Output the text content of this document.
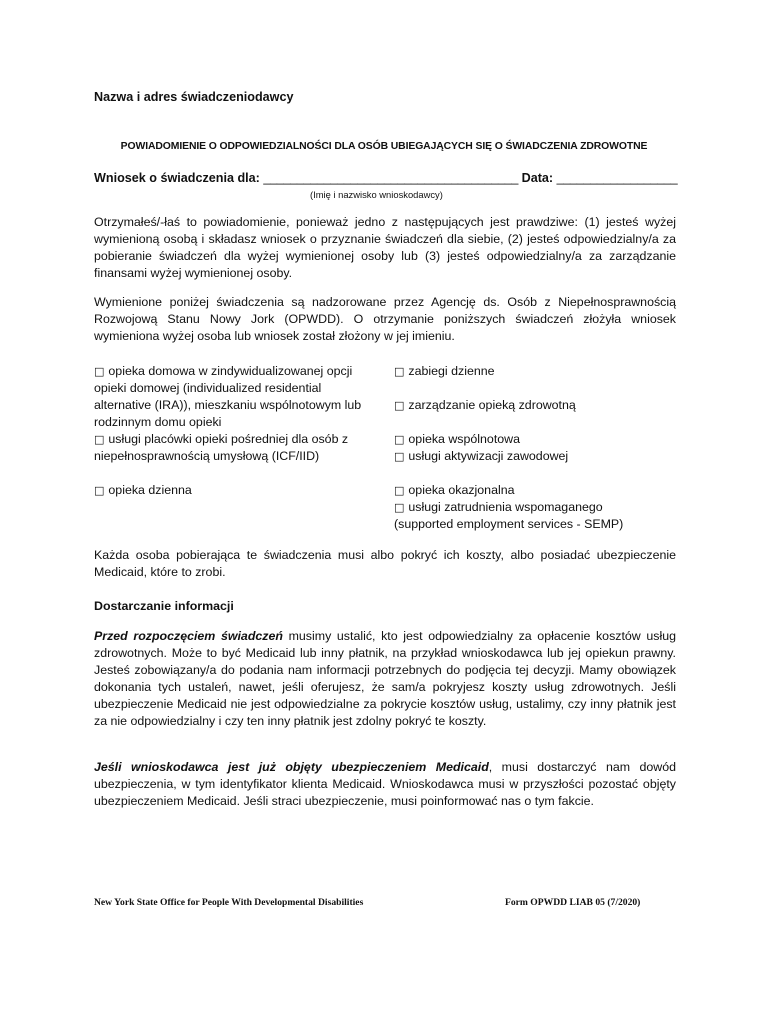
Nazwa i adres świadczeniodawcy
POWIADOMIENIE O ODPOWIEDZIALNOŚCI DLA OSÓB UBIEGAJĄCYCH SIĘ O ŚWIADCZENIA ZDROWOTNE
Wniosek o świadczenia dla: ______________________________________ Data: __________________
(Imię i nazwisko wnioskodawcy)
Otrzymałeś/-łaś to powiadomienie, ponieważ jedno z następujących jest prawdziwe: (1) jesteś wyżej wymienioną osobą i składasz wniosek o przyznanie świadczeń dla siebie, (2) jesteś odpowiedzialny/a za pobieranie świadczeń dla wyżej wymienionej osoby lub (3) jesteś odpowiedzialny/a za zarządzanie finansami wyżej wymienionej osoby.
Wymienione poniżej świadczenia są nadzorowane przez Agencję ds. Osób z Niepełnosprawnością Rozwojową Stanu Nowy Jork (OPWDD). O otrzymanie poniższych świadczeń złożyła wniosek wymieniona wyżej osoba lub wniosek został złożony w jej imieniu.
□ opieka domowa w zindywidualizowanej opcji opieki domowej (individualized residential alternative (IRA)), mieszkaniu wspólnotowym lub rodzinnym domu opieki
□ usługi placówki opieki pośredniej dla osób z niepełnosprawnością umysłową (ICF/IID)
□ opieka dzienna
□ zabiegi dzienne
□ zarządzanie opieką zdrowotną
□ opieka wspólnotowa
□ usługi aktywizacji zawodowej
□ opieka okazjonalna
□ usługi zatrudnienia wspomaganego (supported employment services - SEMP)
Każda osoba pobierająca te świadczenia musi albo pokryć ich koszty, albo posiadać ubezpieczenie Medicaid, które to zrobi.
Dostarczanie informacji
Przed rozpoczęciem świadczeń musimy ustalić, kto jest odpowiedzialny za opłacenie kosztów usług zdrowotnych. Może to być Medicaid lub inny płatnik, na przykład wnioskodawca lub jej opiekun prawny. Jesteś zobowiązany/a do podania nam informacji potrzebnych do podjęcia tej decyzji. Mamy obowiązek dokonania tych ustaleń, nawet, jeśli oferujesz, że sam/a pokryjesz koszty usług zdrowotnych. Jeśli ubezpieczenie Medicaid nie jest odpowiedzialne za pokrycie kosztów usług, ustalimy, czy inny płatnik jest za nie odpowiedzialny i czy ten inny płatnik jest zdolny pokryć te koszty.
Jeśli wnioskodawca jest już objęty ubezpieczeniem Medicaid, musi dostarczyć nam dowód ubezpieczenia, w tym identyfikator klienta Medicaid. Wnioskodawca musi w przyszłości pozostać objęty ubezpieczeniem Medicaid. Jeśli straci ubezpieczenie, musi poinformować nas o tym fakcie.
New York State Office for People With Developmental Disabilities	Form OPWDD LIAB 05 (7/2020)
